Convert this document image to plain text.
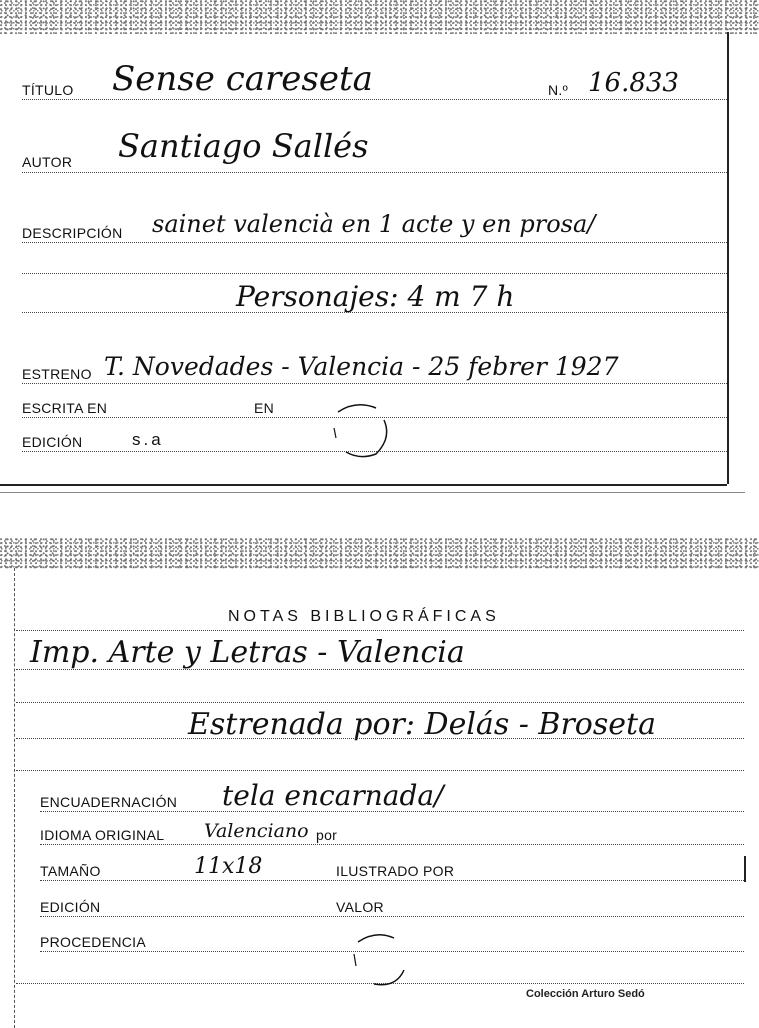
TÍTULO Sense careseta	N.º 16.833
AUTOR Santiago Sallés
DESCRIPCIÓN sainet valencià en 1 acte y en prosa/
Personajes: 4 m 7 h
ESTRENO T. Novedades - Valencia - 25 febrer 1927
ESCRITA EN	EN
EDICIÓN	s.a
NOTAS BIBLIOGRÁFICAS
Imp. Arte y Letras - Valencia
Estrenada por: Delás - Broseta
ENCUADERNACIÓN tela encarnada/
IDIOMA ORIGINAL Valenciano por
TAMAÑO	11x18	ILUSTRADO POR
EDICIÓN	VALOR
PROCEDENCIA
Colección Arturo Sedó
